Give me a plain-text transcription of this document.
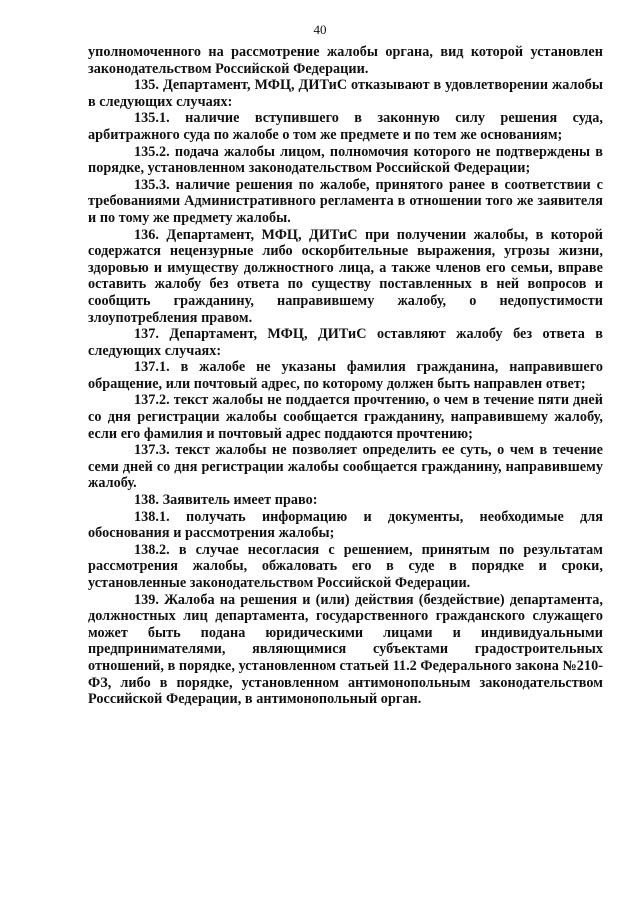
40

уполномоченного на рассмотрение жалобы органа, вид которой установлен законодательством Российской Федерации.

135. Департамент, МФЦ, ДИТиС отказывают в удовлетворении жалобы в следующих случаях:

135.1. наличие вступившего в законную силу решения суда, арбитражного суда по жалобе о том же предмете и по тем же основаниям;

135.2. подача жалобы лицом, полномочия которого не подтверждены в порядке, установленном законодательством Российской Федерации;

135.3. наличие решения по жалобе, принятого ранее в соответствии с требованиями Административного регламента в отношении того же заявителя и по тому же предмету жалобы.

136. Департамент, МФЦ, ДИТиС при получении жалобы, в которой содержатся нецензурные либо оскорбительные выражения, угрозы жизни, здоровью и имуществу должностного лица, а также членов его семьи, вправе оставить жалобу без ответа по существу поставленных в ней вопросов и сообщить гражданину, направившему жалобу, о недопустимости злоупотребления правом.

137. Департамент, МФЦ, ДИТиС оставляют жалобу без ответа в следующих случаях:

137.1. в жалобе не указаны фамилия гражданина, направившего обращение, или почтовый адрес, по которому должен быть направлен ответ;

137.2. текст жалобы не поддается прочтению, о чем в течение пяти дней со дня регистрации жалобы сообщается гражданину, направившему жалобу, если его фамилия и почтовый адрес поддаются прочтению;

137.3. текст жалобы не позволяет определить ее суть, о чем в течение семи дней со дня регистрации жалобы сообщается гражданину, направившему жалобу.

138. Заявитель имеет право:

138.1. получать информацию и документы, необходимые для обоснования и рассмотрения жалобы;

138.2. в случае несогласия с решением, принятым по результатам рассмотрения жалобы, обжаловать его в суде в порядке и сроки, установленные законодательством Российской Федерации.

139. Жалоба на решения и (или) действия (бездействие) департамента, должностных лиц департамента, государственного гражданского служащего может быть подана юридическими лицами и индивидуальными предпринимателями, являющимися субъектами градостроительных отношений, в порядке, установленном статьей 11.2 Федерального закона №210-ФЗ, либо в порядке, установленном антимонопольным законодательством Российской Федерации, в антимонопольный орган.
